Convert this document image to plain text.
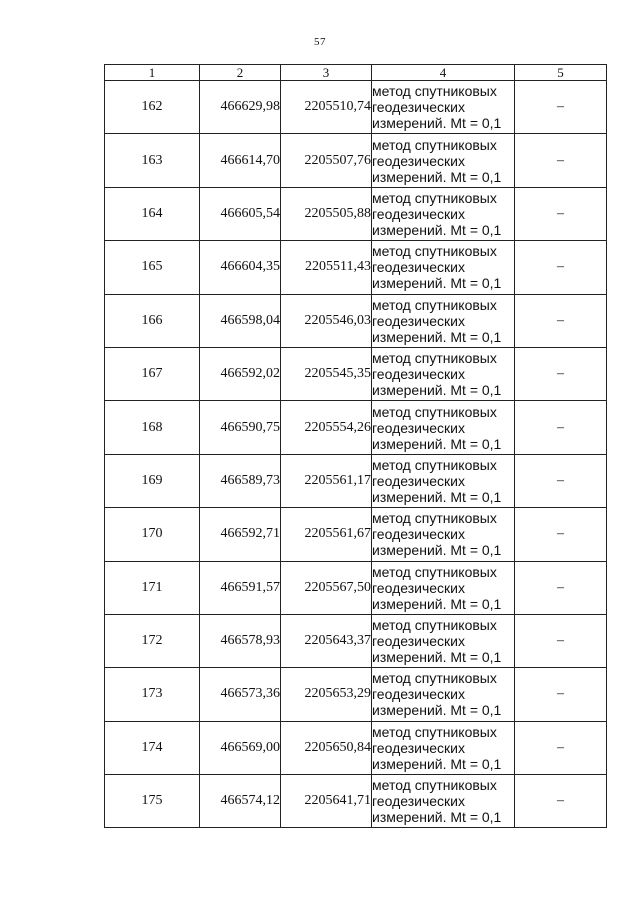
57
1	2	3	4	5
162	466629,98	2205510,74	метод спутниковых
геодезических
измерений. Mt = 0,1	–
163	466614,70	2205507,76	метод спутниковых
геодезических
измерений. Mt = 0,1	–
164	466605,54	2205505,88	метод спутниковых
геодезических
измерений. Mt = 0,1	–
165	466604,35	2205511,43	метод спутниковых
геодезических
измерений. Mt = 0,1	–
166	466598,04	2205546,03	метод спутниковых
геодезических
измерений. Mt = 0,1	–
167	466592,02	2205545,35	метод спутниковых
геодезических
измерений. Mt = 0,1	–
168	466590,75	2205554,26	метод спутниковых
геодезических
измерений. Mt = 0,1	–
169	466589,73	2205561,17	метод спутниковых
геодезических
измерений. Mt = 0,1	–
170	466592,71	2205561,67	метод спутниковых
геодезических
измерений. Mt = 0,1	–
171	466591,57	2205567,50	метод спутниковых
геодезических
измерений. Mt = 0,1	–
172	466578,93	2205643,37	метод спутниковых
геодезических
измерений. Mt = 0,1	–
173	466573,36	2205653,29	метод спутниковых
геодезических
измерений. Mt = 0,1	–
174	466569,00	2205650,84	метод спутниковых
геодезических
измерений. Mt = 0,1	–
175	466574,12	2205641,71	метод спутниковых
геодезических
измерений. Mt = 0,1	–
